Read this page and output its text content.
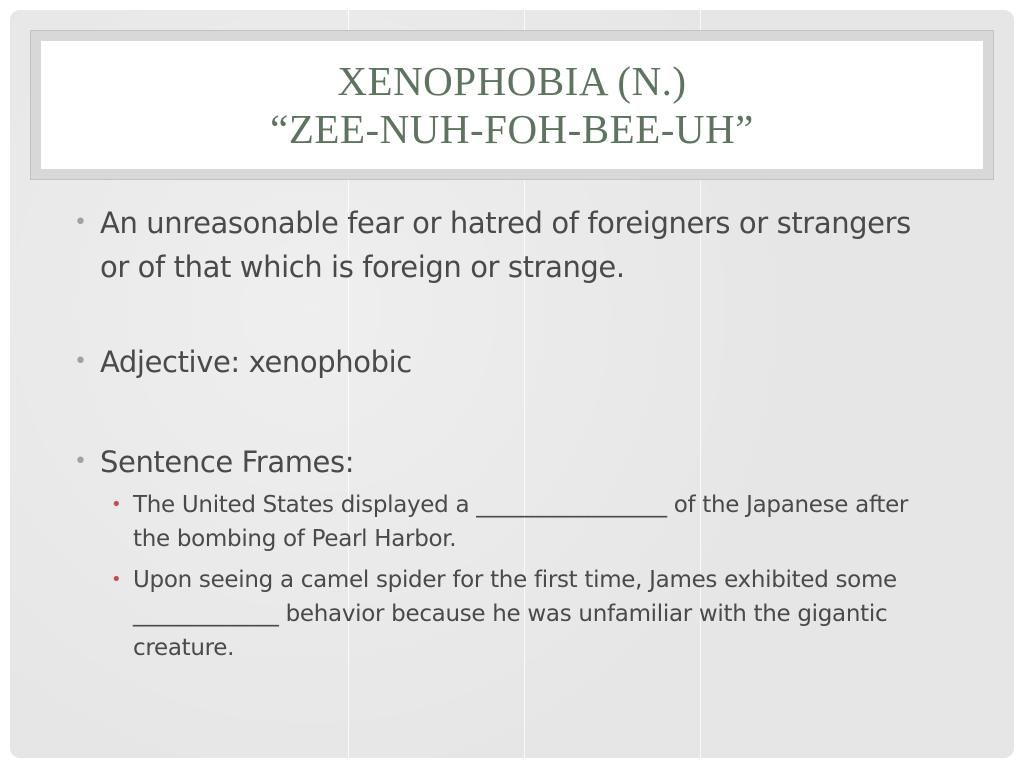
XENOPHOBIA (N.)
“ZEE-NUH-FOH-BEE-UH”
• An unreasonable fear or hatred of foreigners or strangers or of that which is foreign or strange.
• Adjective: xenophobic
• Sentence Frames:
• The United States displayed a _________________ of the Japanese after the bombing of Pearl Harbor.
• Upon seeing a camel spider for the first time, James exhibited some _____________ behavior because he was unfamiliar with the gigantic creature.
